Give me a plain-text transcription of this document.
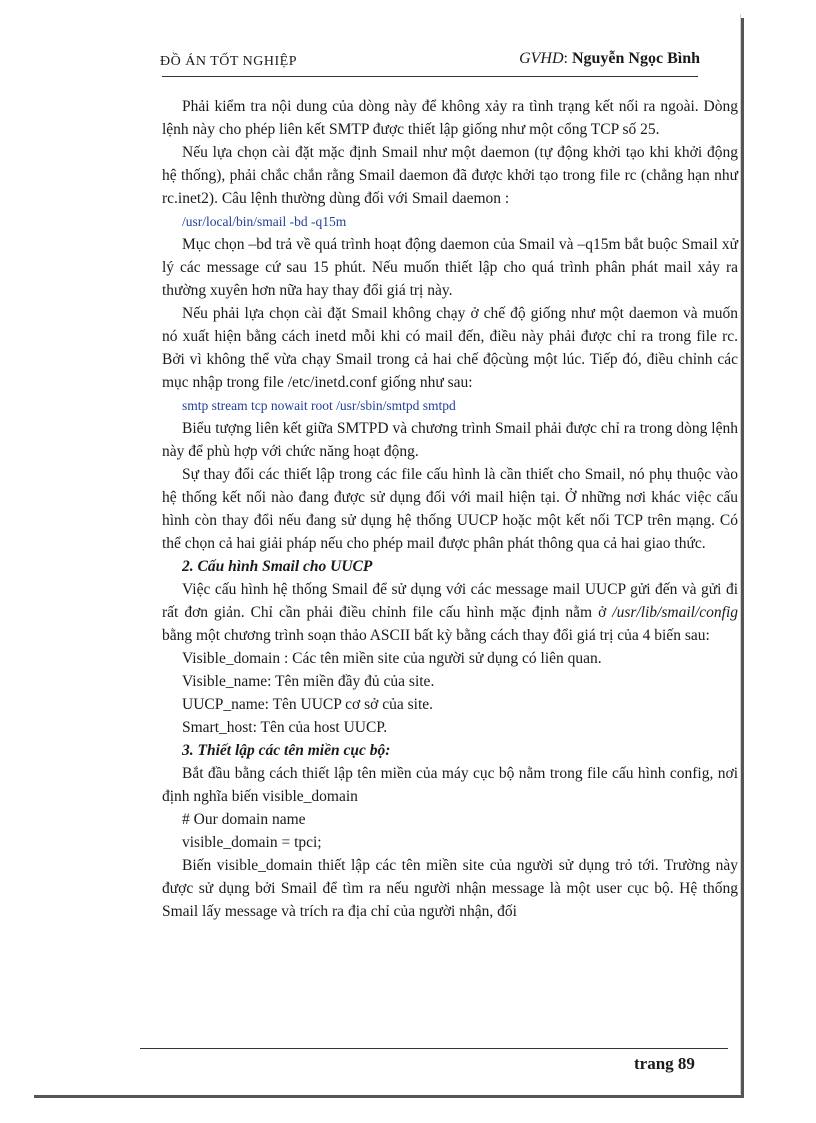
ĐỒ ÁN TỐT NGHIỆP	GVHD: Nguyễn Ngọc Bình

Phải kiểm tra nội dung của dòng này để không xảy ra tình trạng kết nối ra ngoài. Dòng lệnh này cho phép liên kết SMTP được thiết lập giống như một cổng TCP số 25.

Nếu lựa chọn cài đặt mặc định Smail như một daemon (tự động khởi tạo khi khởi động hệ thống), phải chắc chắn rằng Smail daemon đã được khởi tạo trong file rc (chẳng hạn như rc.inet2). Câu lệnh thường dùng đối với Smail daemon :

/usr/local/bin/smail -bd -q15m

Mục chọn –bd trả về quá trình hoạt động daemon của Smail và –q15m bắt buộc Smail xử lý các message cứ sau 15 phút. Nếu muốn thiết lập cho quá trình phân phát mail xảy ra thường xuyên hơn nữa hay thay đổi giá trị này.

Nếu phải lựa chọn cài đặt Smail không chạy ở chế độ giống như một daemon và muốn nó xuất hiện bằng cách inetd mỗi khi có mail đến, điều này phải được chỉ ra trong file rc. Bởi vì không thể vừa chạy Smail trong cả hai chế độcùng một lúc. Tiếp đó, điều chỉnh các mục nhập trong file /etc/inetd.conf giống như sau:

smtp stream tcp nowait root /usr/sbin/smtpd smtpd

Biểu tượng liên kết giữa SMTPD và chương trình Smail phải được chỉ ra trong dòng lệnh này để phù hợp với chức năng hoạt động.

Sự thay đổi các thiết lập trong các file cấu hình là cần thiết cho Smail, nó phụ thuộc vào hệ thống kết nối nào đang được sử dụng đối với mail hiện tại. Ở những nơi khác việc cấu hình còn thay đổi nếu đang sử dụng hệ thống UUCP hoặc một kết nối TCP trên mạng. Có thể chọn cả hai giải pháp nếu cho phép mail được phân phát thông qua cả hai giao thức.

2. Cấu hình Smail cho UUCP

Việc cấu hình hệ thống Smail để sử dụng với các message mail UUCP gửi đến và gửi đi rất đơn giản. Chỉ cần phải điều chỉnh file cấu hình mặc định nằm ở /usr/lib/smail/config bằng một chương trình soạn thảo ASCII bất kỳ bằng cách thay đổi giá trị của 4 biến sau:

Visible_domain : Các tên miền site của người sử dụng có liên quan.

Visible_name: Tên miền đầy đủ của site.

UUCP_name: Tên UUCP cơ sở của site.

Smart_host: Tên của host UUCP.

3. Thiết lập các tên miền cục bộ:

Bắt đầu bằng cách thiết lập tên miền của máy cục bộ nằm trong file cấu hình config, nơi định nghĩa biến visible_domain

# Our domain name

visible_domain = tpci;

Biến visible_domain thiết lập các tên miền site của người sử dụng trỏ tới. Trường này được sử dụng bởi Smail để tìm ra nếu người nhận message là một user cục bộ. Hệ thống Smail lấy message và trích ra địa chỉ của người nhận, đối

trang 89
